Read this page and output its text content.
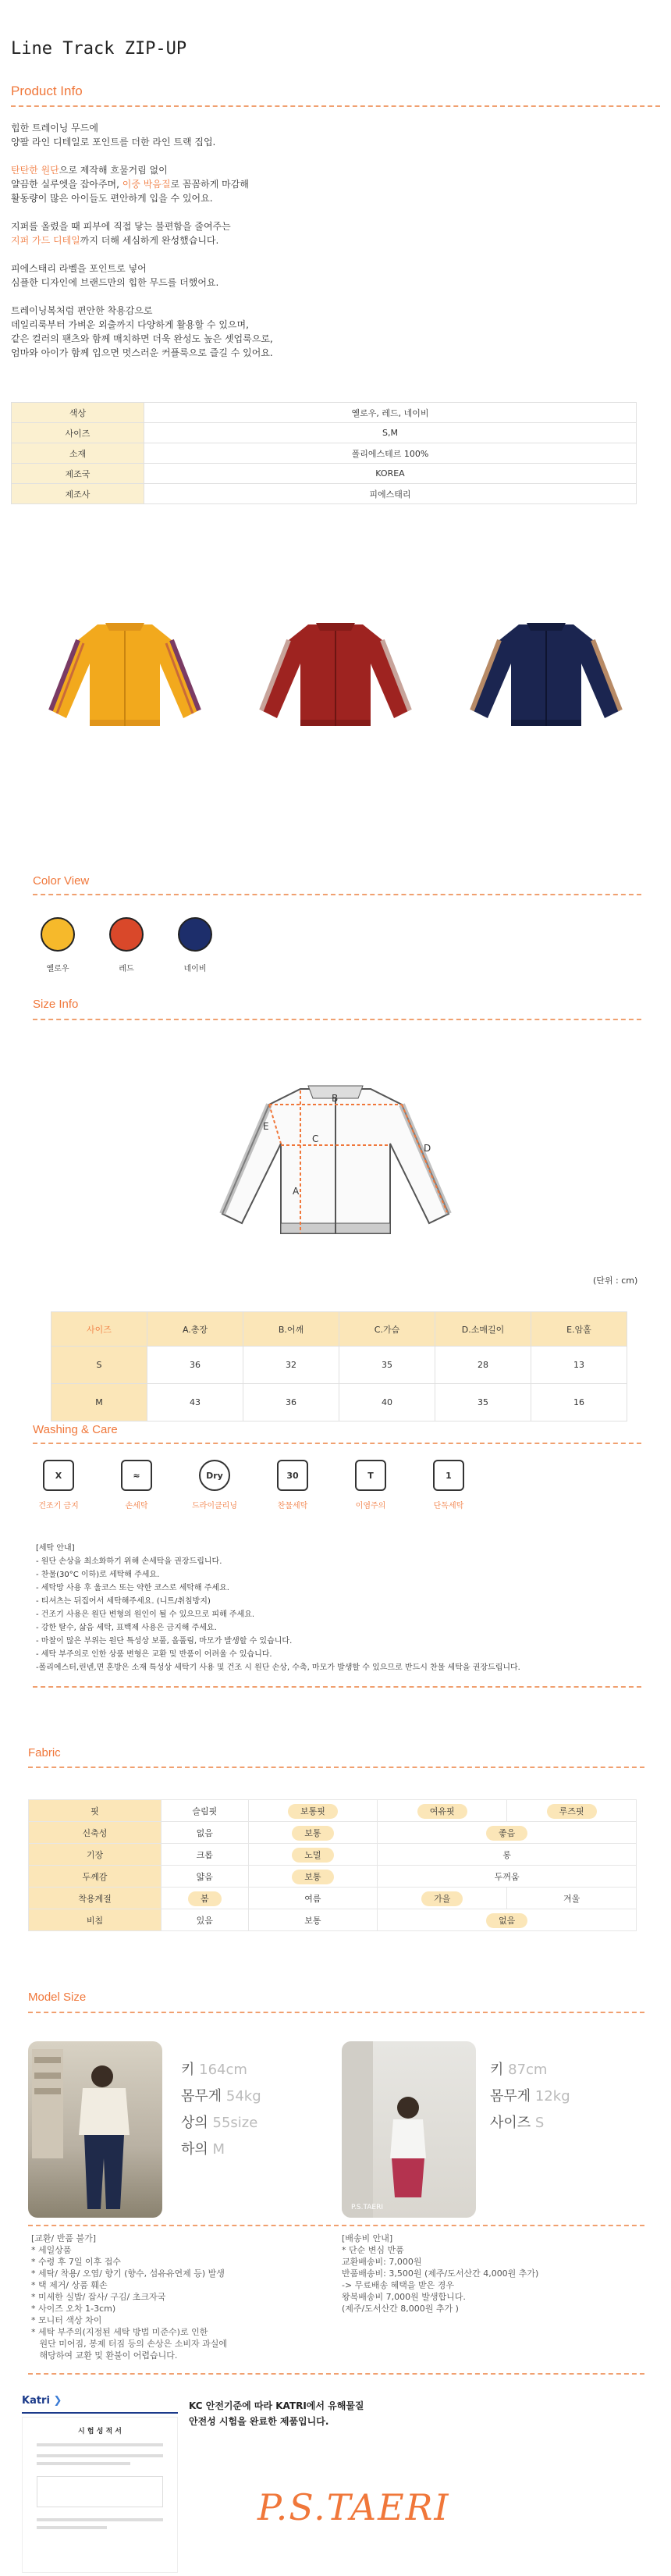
Line Track ZIP-UP
Product Info
힙한 트레이닝 무드에
양팔 라인 디테일로 포인트를 더한 라인 트랙 집업.
탄탄한 원단으로 제작해 흐물거림 없이
얄끔한 실루엣을 잡아주며, 이중 박음질로 꼼꼼하게 마감해
활동량이 많은 아이들도 편안하게 입을 수 있어요.
지퍼를 올렸을 때 피부에 직접 닿는 불편함을 줄여주는
지퍼 가드 디테일까지 더해 세심하게 완성했습니다.
피에스태리 라벨을 포인트로 넣어
심플한 디자인에 브랜드만의 힙한 무드를 더했어요.
트레이닝복처럼 편안한 착용감으로
데일리룩부터 가벼운 외출까지 다양하게 활용할 수 있으며,
같은 컬러의 팬츠와 함께 매치하면 더욱 완성도 높은 셋업룩으로,
엄마와 아이가 함께 입으면 멋스러운 커플룩으로 즐길 수 있어요.
색상	옐로우, 레드, 네이비
사이즈	S,M
소재	폴리에스테르 100%
제조국	KOREA
제조사	피에스태리
Color View
옐로우	레드	네이비
Size Info
B
A
C
D
E
(단위 : cm)
사이즈	A.총장	B.어깨	C.가슴	D.소매길이	E.암홀
S	36	32	35	28	13
M	43	36	40	35	16
Washing & Care
X
건조기 금지
≈
손세탁
Dry
드라이클리닝
30
찬물세탁
T
이염주의
1
단독세탁
[세탁 안내]
- 원단 손상을 최소화하기 위해 손세탁을 권장드립니다.
- 찬물(30°C 이하)로 세탁해 주세요.
- 세탁망 사용 후 울코스 또는 약한 코스로 세탁해 주세요.
- 티셔츠는 뒤집어서 세탁해주세요. (니트/취침방지)
- 건조기 사용은 원단 변형의 원인이 될 수 있으므로 피해 주세요.
- 강한 탈수, 삶음 세탁, 표백제 사용은 금지해 주세요.
- 마찰이 많은 부위는 원단 특성상 보풀, 올풀림, 마모가 발생할 수 있습니다.
- 세탁 부주의로 인한 상품 변형은 교환 및 반품이 어려울 수 있습니다.
-폴리에스터,린넨,면 혼방은 소재 특성상 세탁기 사용 및 건조 시 원단 손상, 수축, 마모가 발생할 수 있으므로 반드시 찬물 세탁을 권장드립니다.
Fabric
핏	슬림핏	보통핏	여유핏	루즈핏
신축성	없음	보통	좋음	
기장	크롭	노멀	롱	
두께감	얇음	보통	두꺼움	
착용계절	봄	여름	가을	겨울
비침	있음	보통	없음	
Model Size
키 164cm
몸무게 54kg
상의 55size
하의 M
P.S.TAERI
키 87cm
몸무게 12kg
사이즈 S
[교환/ 반품 불가]
* 세일상품
* 수령 후 7일 이후 접수
* 세탁/ 착용/ 오염/ 향기 (향수, 섬유유연제 등) 발생
* 택 제거/ 상품 훼손
* 미세한 실밥/ 잡사/ 구김/ 초크자국
* 사이즈 오차 1-3cm)
* 모니터 색상 차이
* 세탁 부주의(지정된 세탁 방법 미준수)로 인한
원단 미어짐, 봉제 터짐 등의 손상은 소비자 과실에
해당하여 교환 및 환불이 어렵습니다.
[배송비 안내]
* 단순 변심 반품
교환배송비: 7,000원
반품배송비: 3,500원 (제주/도서산간 4,000원 추가)
-> 무료배송 혜택을 받은 경우
왕복배송비 7,000원 발생합니다.
(제주/도서산간 8,000원 추가 )
Katri ❯
시 험 성 적 서
KC 안전기준에 따라 KATRI에서 유해물질
안전성 시험을 완료한 제품입니다.
P.S.TAERI
